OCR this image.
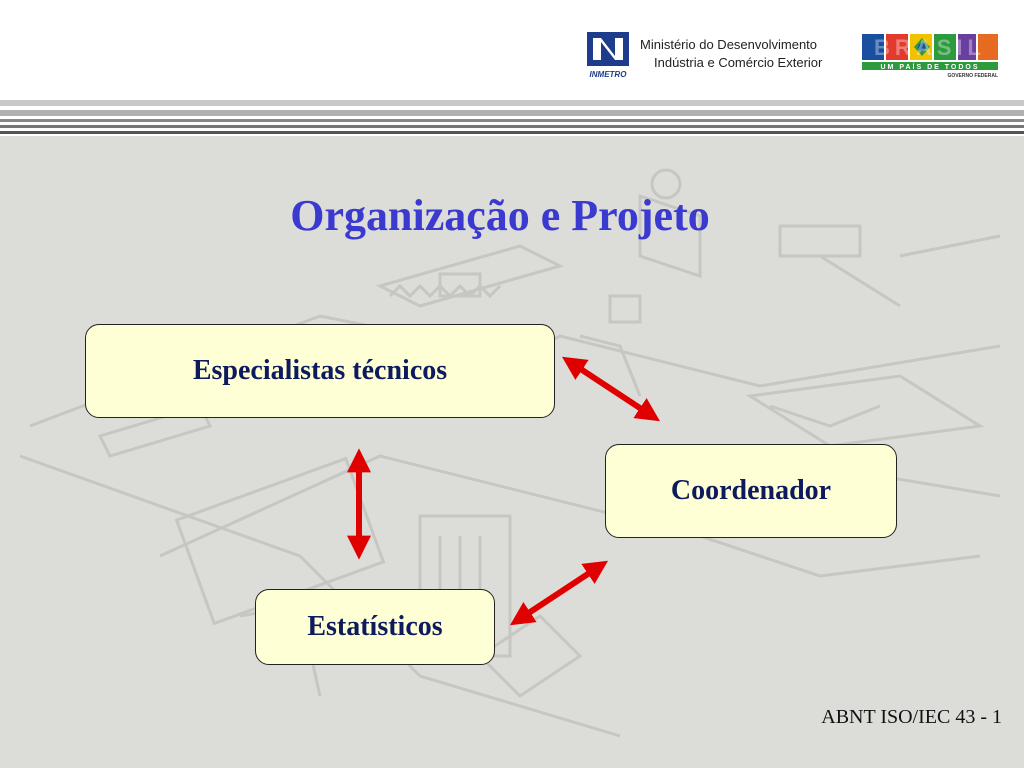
INMETRO
Ministério do Desenvolvimento
Indústria e Comércio Exterior
BRASIL
UM PAÍS DE TODOS
GOVERNO FEDERAL
Organização e Projeto
Especialistas técnicos
Coordenador
Estatísticos
ABNT ISO/IEC 43 - 1
